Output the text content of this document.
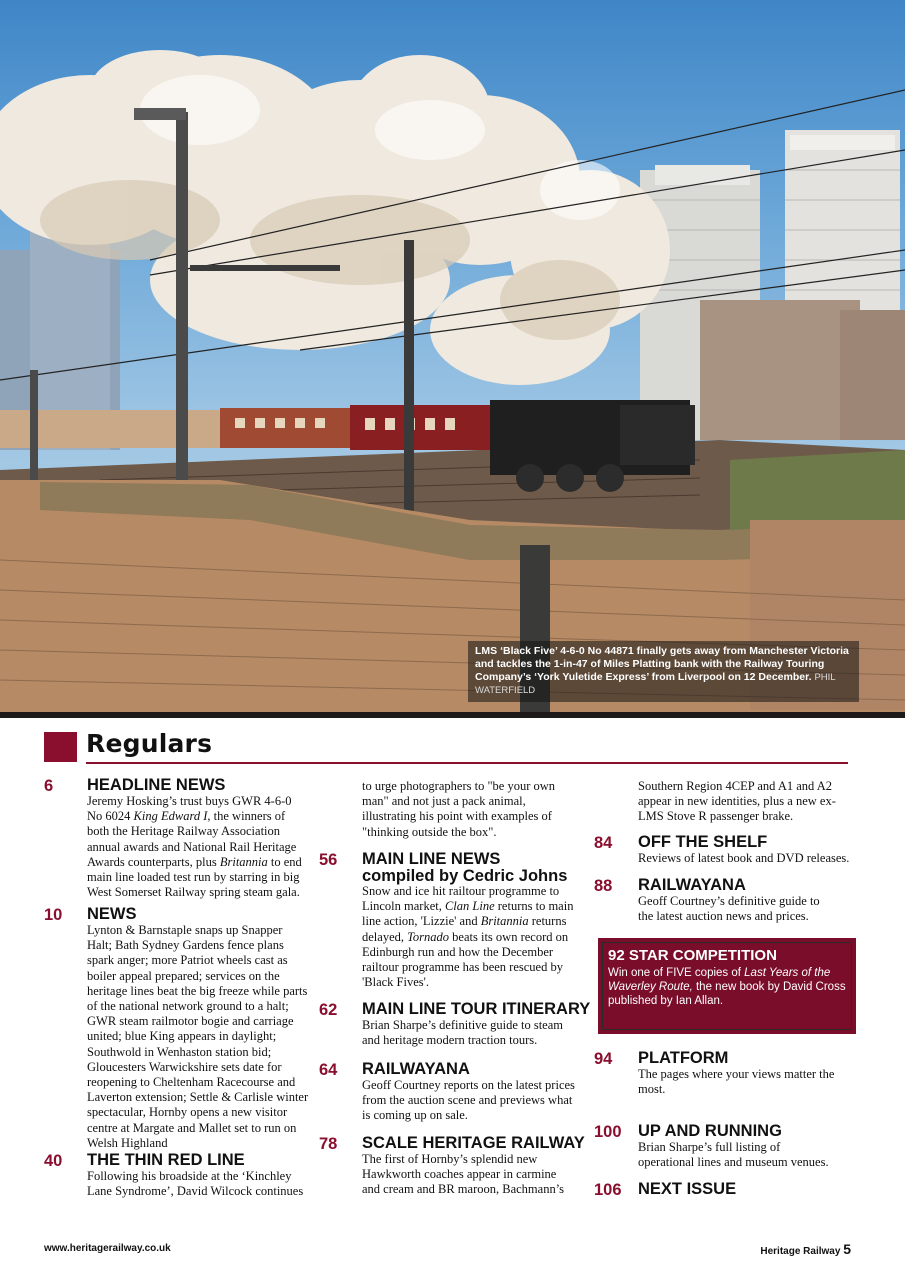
LMS ‘Black Five’ 4-6-0 No 44871 finally gets away from Manchester Victoria and tackles the 1-in-47 of Miles Platting bank with the Railway Touring Company’s ‘York Yuletide Express’ from Liverpool on 12 December. PHIL WATERFIELD
Regulars
6 HEADLINE NEWS
Jeremy Hosking’s trust buys GWR 4-6-0 No 6024 King Edward I, the winners of both the Heritage Railway Association annual awards and National Rail Heritage Awards counterparts, plus Britannia to end main line loaded test run by starring in big West Somerset Railway spring steam gala.
10 NEWS
Lynton & Barnstaple snaps up Snapper Halt; Bath Sydney Gardens fence plans spark anger; more Patriot wheels cast as boiler appeal prepared; services on the heritage lines beat the big freeze while parts of the national network ground to a halt; GWR steam railmotor bogie and carriage united; blue King appears in daylight; Southwold in Wenhaston station bid; Gloucesters Warwickshire sets date for reopening to Cheltenham Racecourse and Laverton extension; Settle & Carlisle winter spectacular, Hornby opens a new visitor centre at Margate and Mallet set to run on Welsh Highland
40 THE THIN RED LINE
Following his broadside at the ‘Kinchley
Lane Syndrome’, David Wilcock continues
to urge photographers to "be your own man" and not just a pack animal, illustrating his point with examples of "thinking outside the box".
56 MAIN LINE NEWS
compiled by Cedric Johns
Snow and ice hit railtour programme to Lincoln market, Clan Line returns to main line action, 'Lizzie' and Britannia returns delayed, Tornado beats its own record on Edinburgh run and how the December railtour programme has been rescued by 'Black Fives'.
62 MAIN LINE TOUR ITINERARY
Brian Sharpe’s definitive guide to steam and heritage modern traction tours.
64 RAILWAYANA
Geoff Courtney reports on the latest prices from the auction scene and previews what is coming up on sale.
78 SCALE HERITAGE RAILWAY
The first of Hornby’s splendid new
Hawkworth coaches appear in carmine
and cream and BR maroon, Bachmann’s
Southern Region 4CEP and A1 and A2 appear in new identities, plus a new ex-LMS Stove R passenger brake.
84 OFF THE SHELF
Reviews of latest book and DVD releases.
88 RAILWAYANA
Geoff Courtney’s definitive guide to the latest auction news and prices.
92 STAR COMPETITION
Win one of FIVE copies of Last Years of the Waverley Route, the new book by David Cross published by Ian Allan.
94 PLATFORM
The pages where your views matter the most.
100 UP AND RUNNING
Brian Sharpe’s full listing of operational lines and museum venues.
106 NEXT ISSUE
www.heritagerailway.co.uk	Heritage Railway 5
